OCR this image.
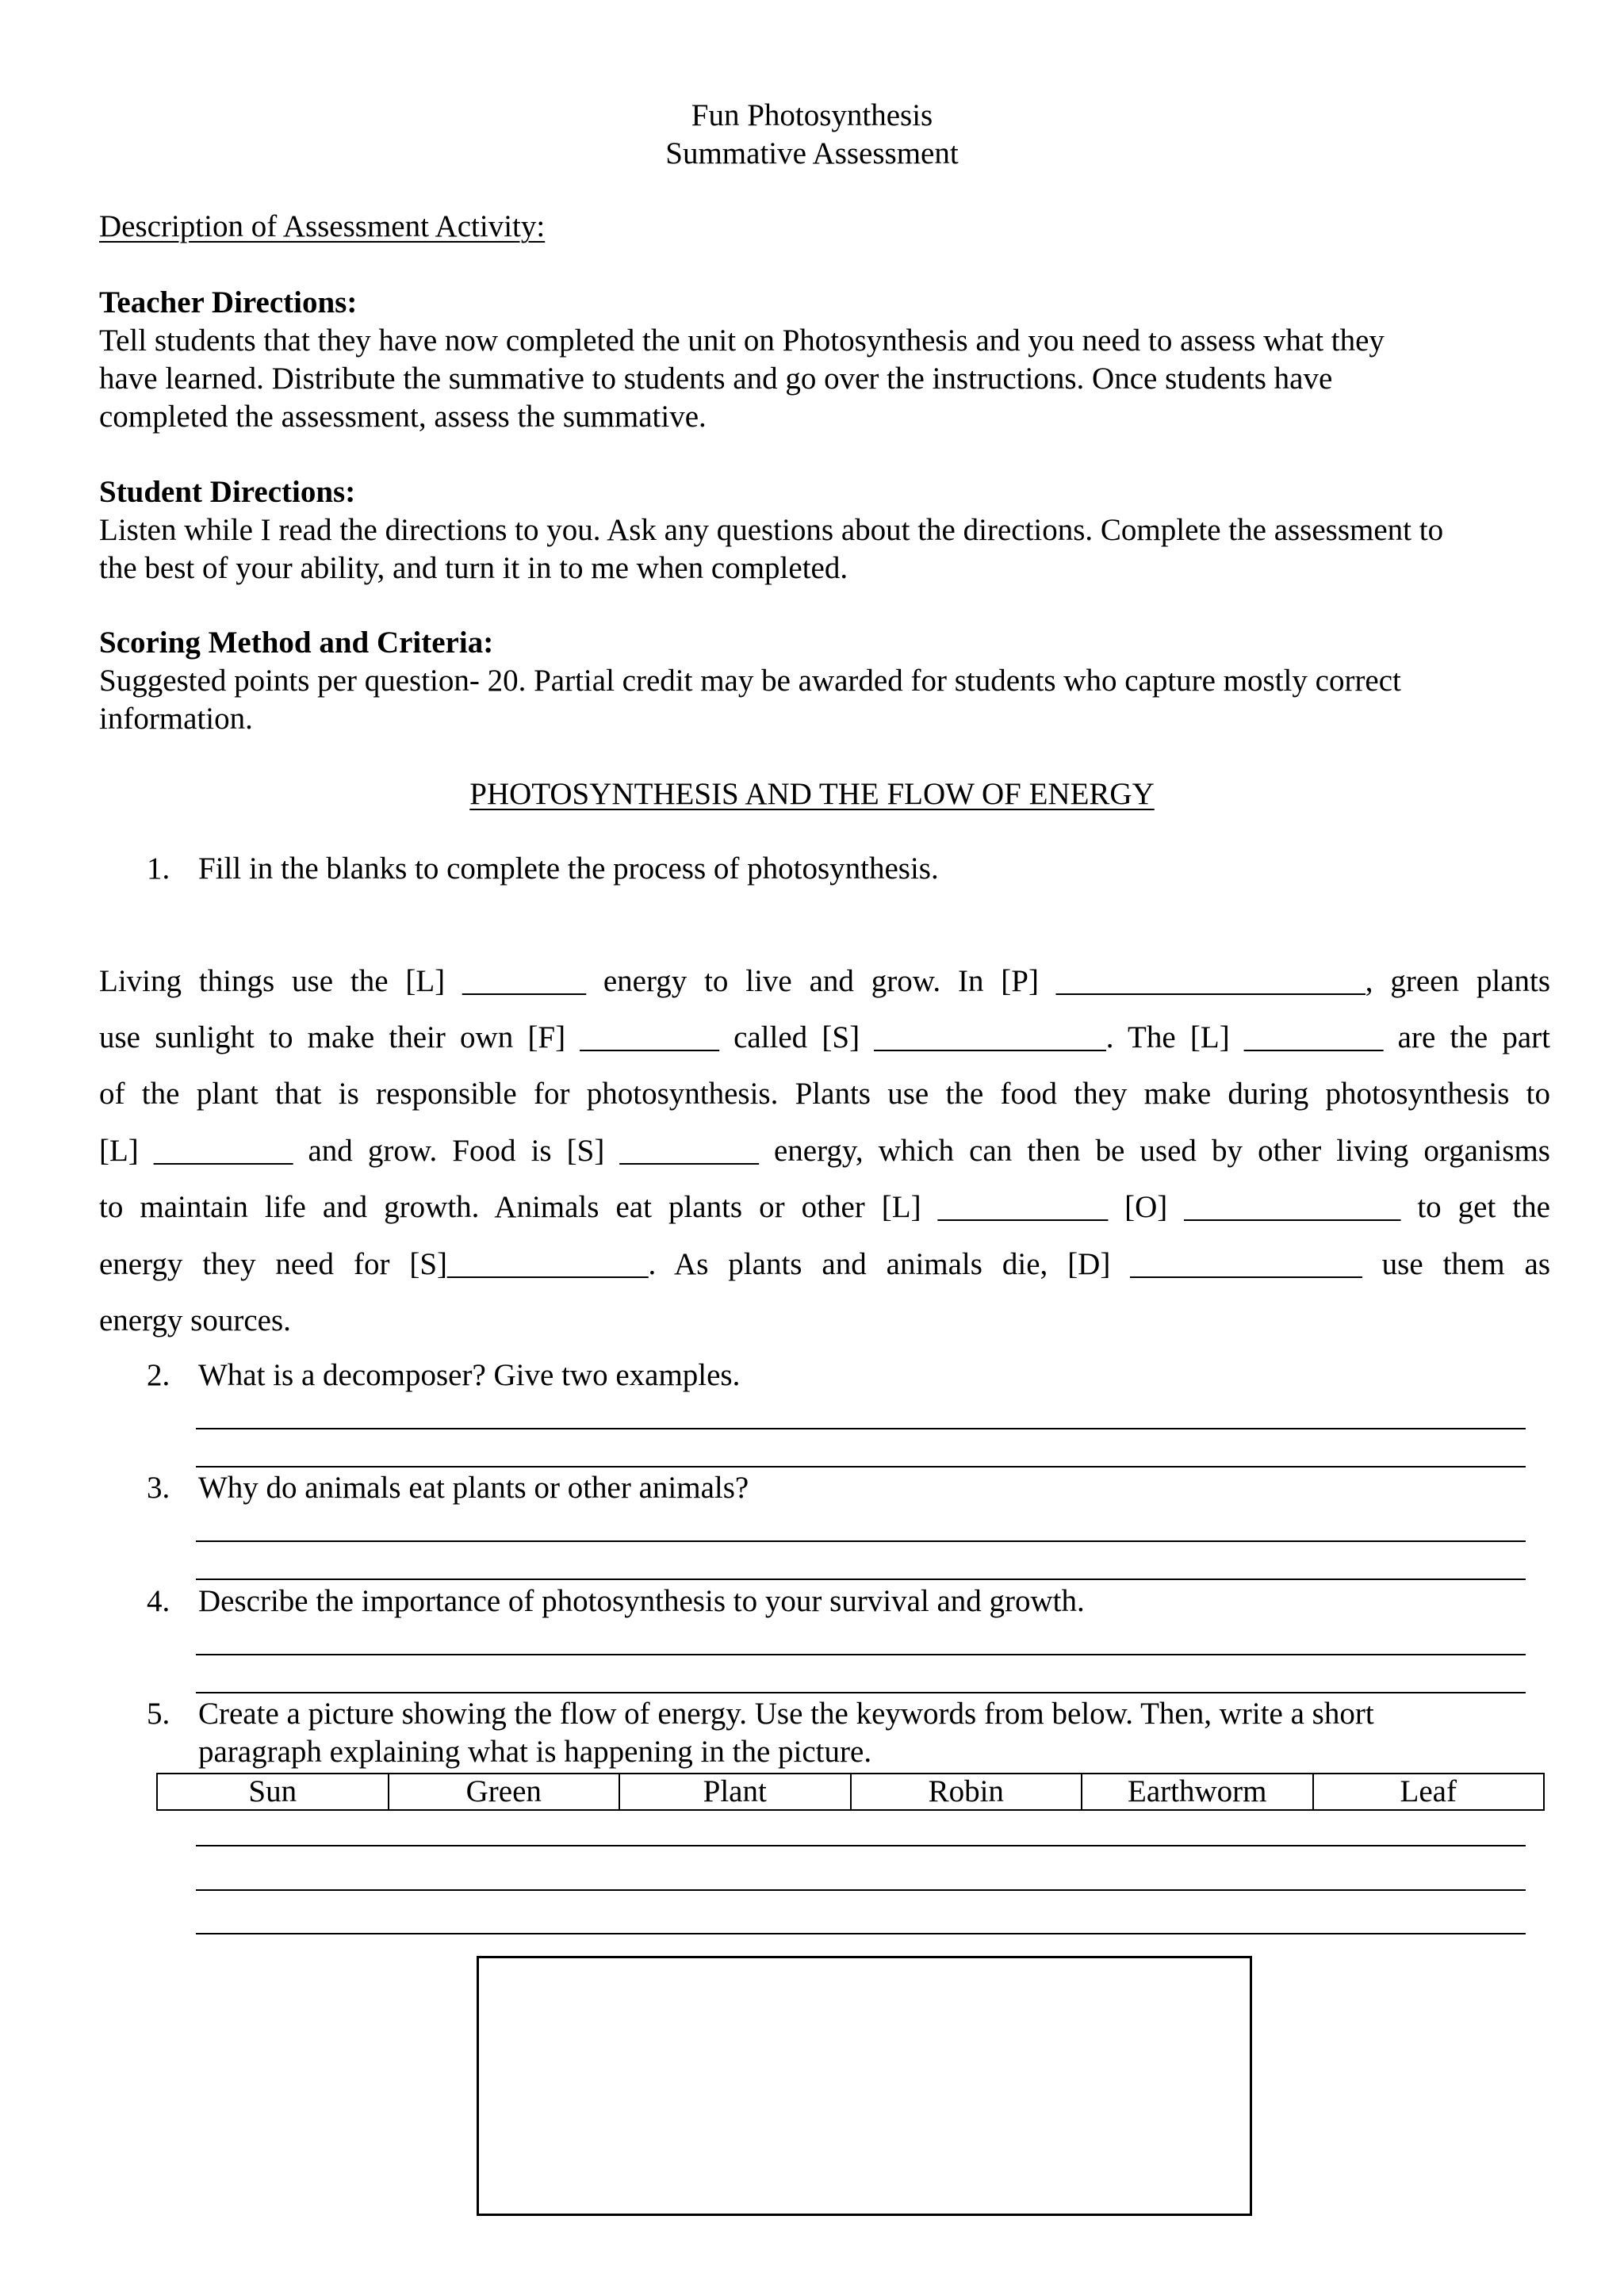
Fun Photosynthesis

Summative Assessment

Description of Assessment Activity:

Teacher Directions:

Tell students that they have now completed the unit on Photosynthesis and you need to assess what they

have learned. Distribute the summative to students and go over the instructions. Once students have

completed the assessment, assess the summative.

Student Directions:

Listen while I read the directions to you. Ask any questions about the directions. Complete the assessment to

the best of your ability, and turn it in to me when completed.

Scoring Method and Criteria:

Suggested points per question- 20. Partial credit may be awarded for students who capture mostly correct

information.

PHOTOSYNTHESIS AND THE FLOW OF ENERGY

1. Fill in the blanks to complete the process of photosynthesis.

Living things use the [L] ________ energy to live and grow. In [P] ____________________, green plants

use sunlight to make their own [F] _________ called [S] _______________. The [L] _________ are the part

of the plant that is responsible for photosynthesis. Plants use the food they make during photosynthesis to

[L] _________ and grow. Food is [S] _________ energy, which can then be used by other living organisms

to maintain life and growth. Animals eat plants or other [L] ___________ [O] ______________ to get the

energy they need for [S]_____________. As plants and animals die, [D] _______________ use them as

energy sources.

2. What is a decomposer? Give two examples.
3. Why do animals eat plants or other animals?
4. Describe the importance of photosynthesis to your survival and growth.
5. Create a picture showing the flow of energy. Use the keywords from below. Then, write a short
paragraph explaining what is happening in the picture.
Sun	Green	Plant	Robin	Earthworm	Leaf
